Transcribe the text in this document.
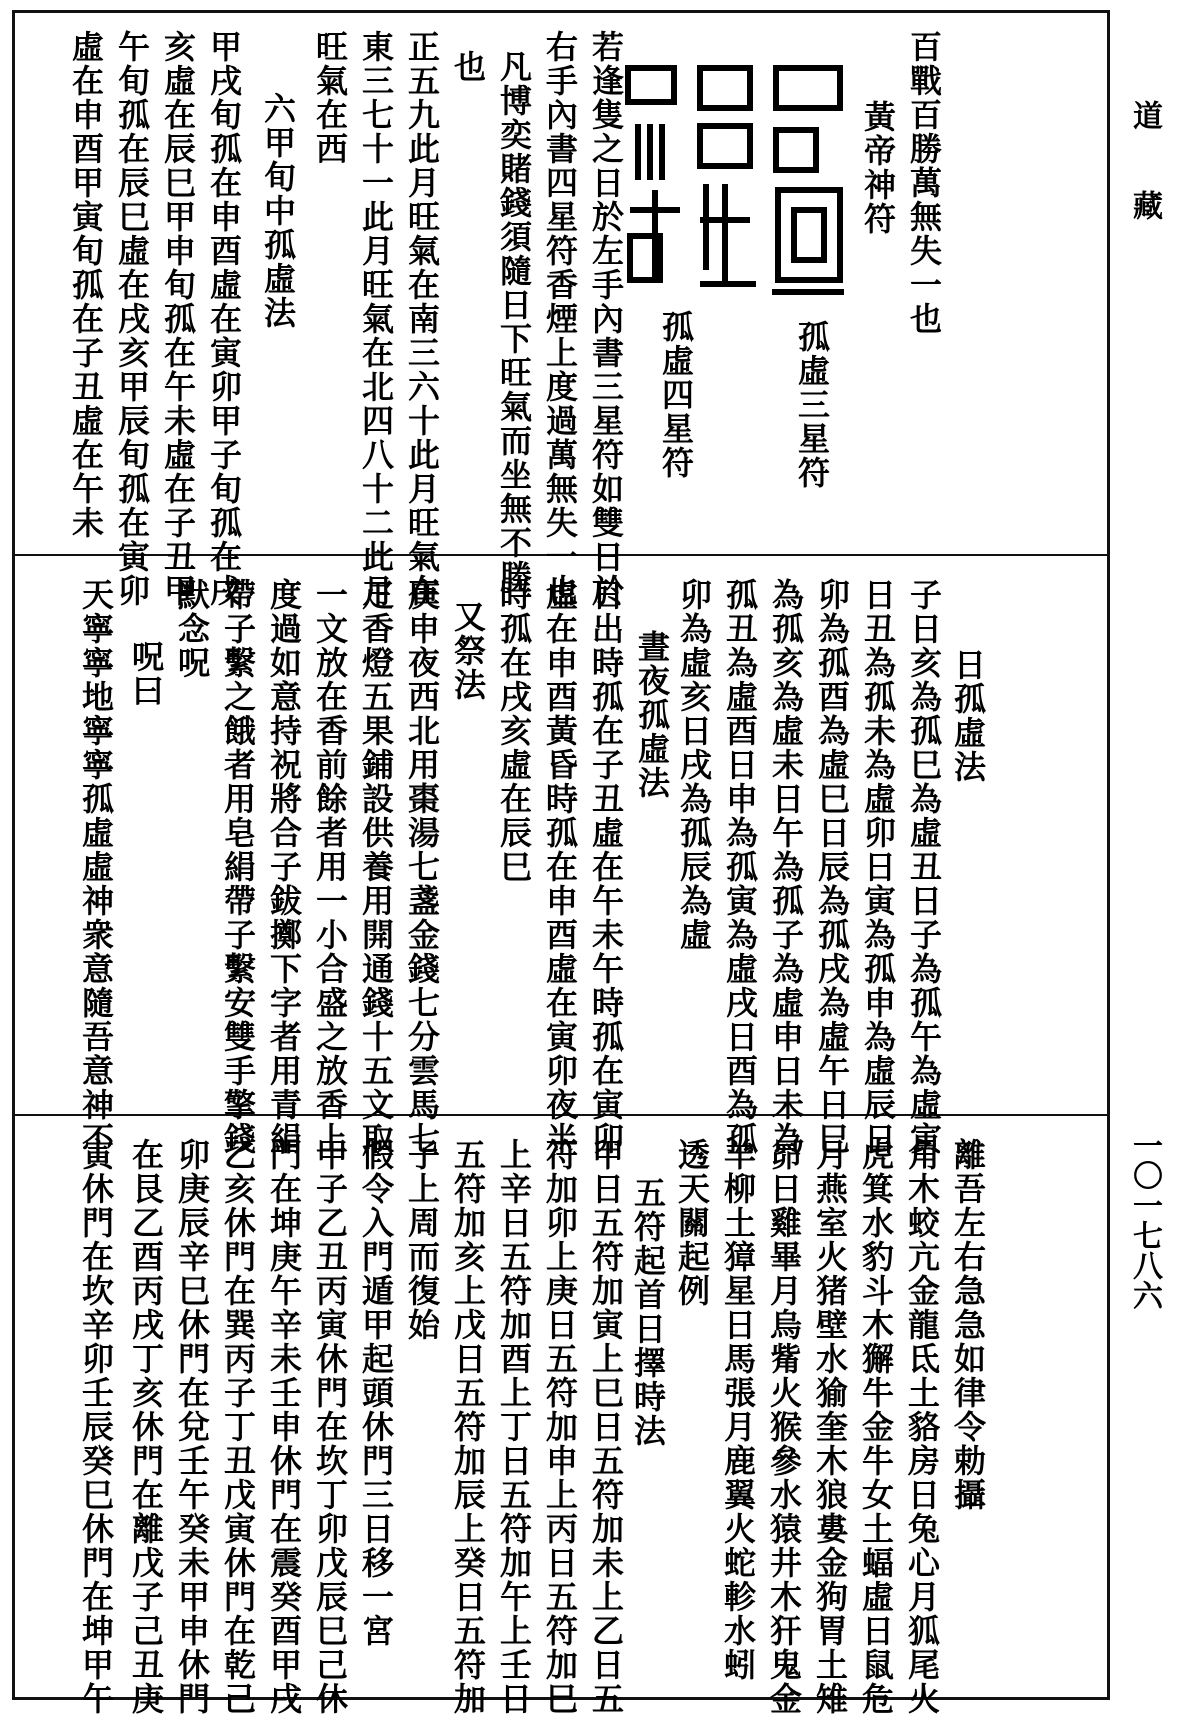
道　　藏
一〇一七八六
百戰百勝萬無失一也
黃帝神符
孤虛三星符
孤虛四星符
若逢隻之日於左手內書三星符如雙日於
右手內書四星符香煙上度過萬無失一也
凡博奕賭錢須隨日下旺氣而坐無不勝
也
正五九此月旺氣在南三六十此月旺氣在
東三七十一此月旺氣在北四八十二此月
旺氣在西
六甲旬中孤虛法
甲戌旬孤在申酉虛在寅卯甲子旬孤在戌
亥虛在辰巳甲申旬孤在午未虛在子丑甲
午旬孤在辰巳虛在戌亥甲辰旬孤在寅卯
虛在申酉甲寅旬孤在子丑虛在午未
日孤虛法
子日亥為孤巳為虛丑日子為孤午為虛寅
日丑為孤未為虛卯日寅為孤申為虛辰日
卯為孤酉為虛巳日辰為孤戌為虛午日巳
為孤亥為虛未日午為孤子為虛申日未為
孤丑為虛酉日申為孤寅為虛戌日酉為孤
卯為虛亥日戌為孤辰為虛
晝夜孤虛法
日出時孤在子丑虛在午未午時孤在寅卯
虛在申酉黃昏時孤在申酉虛在寅卯夜半
時孤在戌亥虛在辰巳
又祭法
庚申夜西北用棗湯七盞金錢七分雲馬七
疋香燈五果鋪設供養用開通錢十五文取
一文放在香前餘者用一小合盛之放香上
度過如意持祝將合子鈸擲下字者用青絹
帶子繫之餓者用皂絹帶子繫安雙手擎錢
默念呪
呪曰
天寧寧地寧寧孤虛虛神衆意隨吾意神不
離吾左右急急如律令勅攝
角木蛟亢金龍氐土貉房日兔心月狐尾火
虎箕水豹斗木獬牛金牛女土蝠虛日鼠危
月燕室火猪壁水㺄奎木狼婁金狗胃土雉
昴日雞畢月烏觜火猴參水猿井木犴鬼金
羊柳土獐星日馬張月鹿翼火蛇軫水蚓
透天關起例
五符起首日擇時法
甲日五符加寅上巳日五符加未上乙日五
符加卯上庚日五符加申上丙日五符加巳
上辛日五符加酉上丁日五符加午上壬日
五符加亥上戊日五符加辰上癸日五符加
子上周而復始
假令入門遁甲起頭休門三日移一宮
甲子乙丑丙寅休門在坎丁卯戊辰巳己休
門在坤庚午辛未壬申休門在震癸酉甲戌
乙亥休門在巽丙子丁丑戊寅休門在乾己
卯庚辰辛巳休門在兌壬午癸未甲申休門
在艮乙酉丙戌丁亥休門在離戊子己丑庚
寅休門在坎辛卯壬辰癸巳休門在坤甲午
